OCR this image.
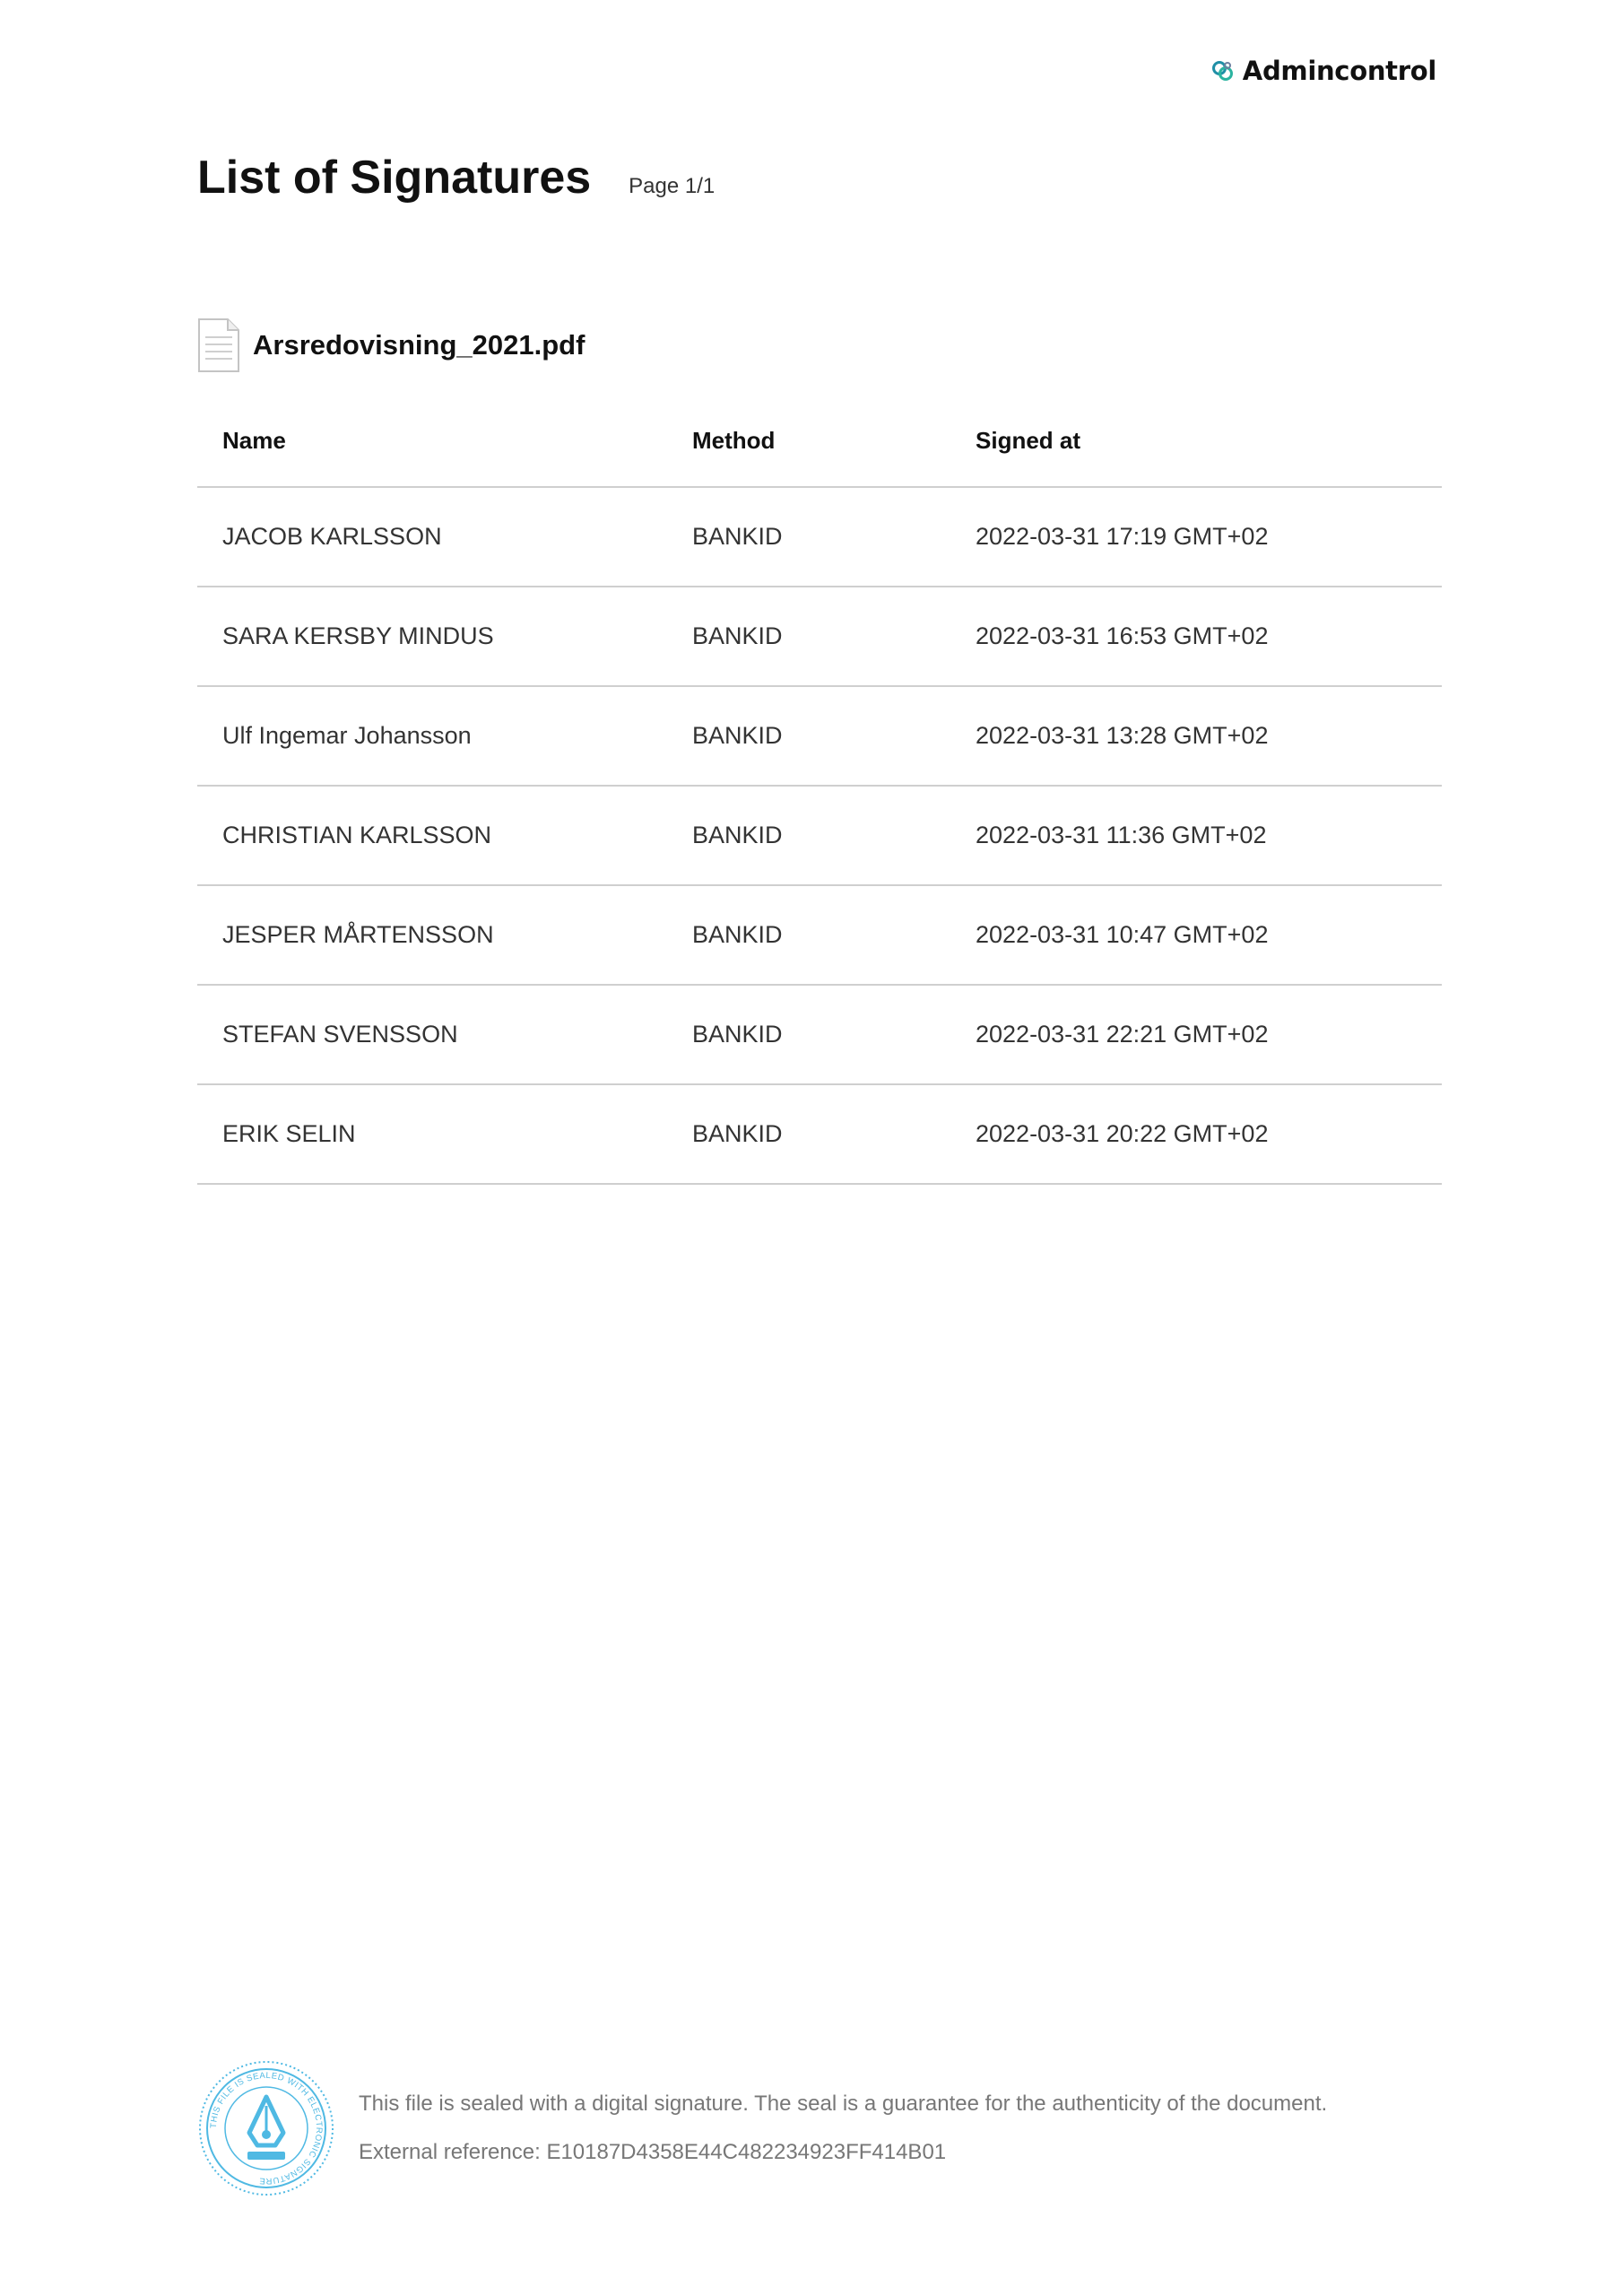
Admincontrol
List of Signatures Page 1/1
Arsredovisning_2021.pdf
Name	Method	Signed at
JACOB KARLSSON	BANKID	2022-03-31 17:19 GMT+02
SARA KERSBY MINDUS	BANKID	2022-03-31 16:53 GMT+02
Ulf Ingemar Johansson	BANKID	2022-03-31 13:28 GMT+02
CHRISTIAN KARLSSON	BANKID	2022-03-31 11:36 GMT+02
JESPER MÅRTENSSON	BANKID	2022-03-31 10:47 GMT+02
STEFAN SVENSSON	BANKID	2022-03-31 22:21 GMT+02
ERIK SELIN	BANKID	2022-03-31 20:22 GMT+02
THIS FILE IS SEALED WITH ELECTRONIC SIGNATURE
This file is sealed with a digital signature. The seal is a guarantee for the authenticity of the document.
External reference: E10187D4358E44C482234923FF414B01
